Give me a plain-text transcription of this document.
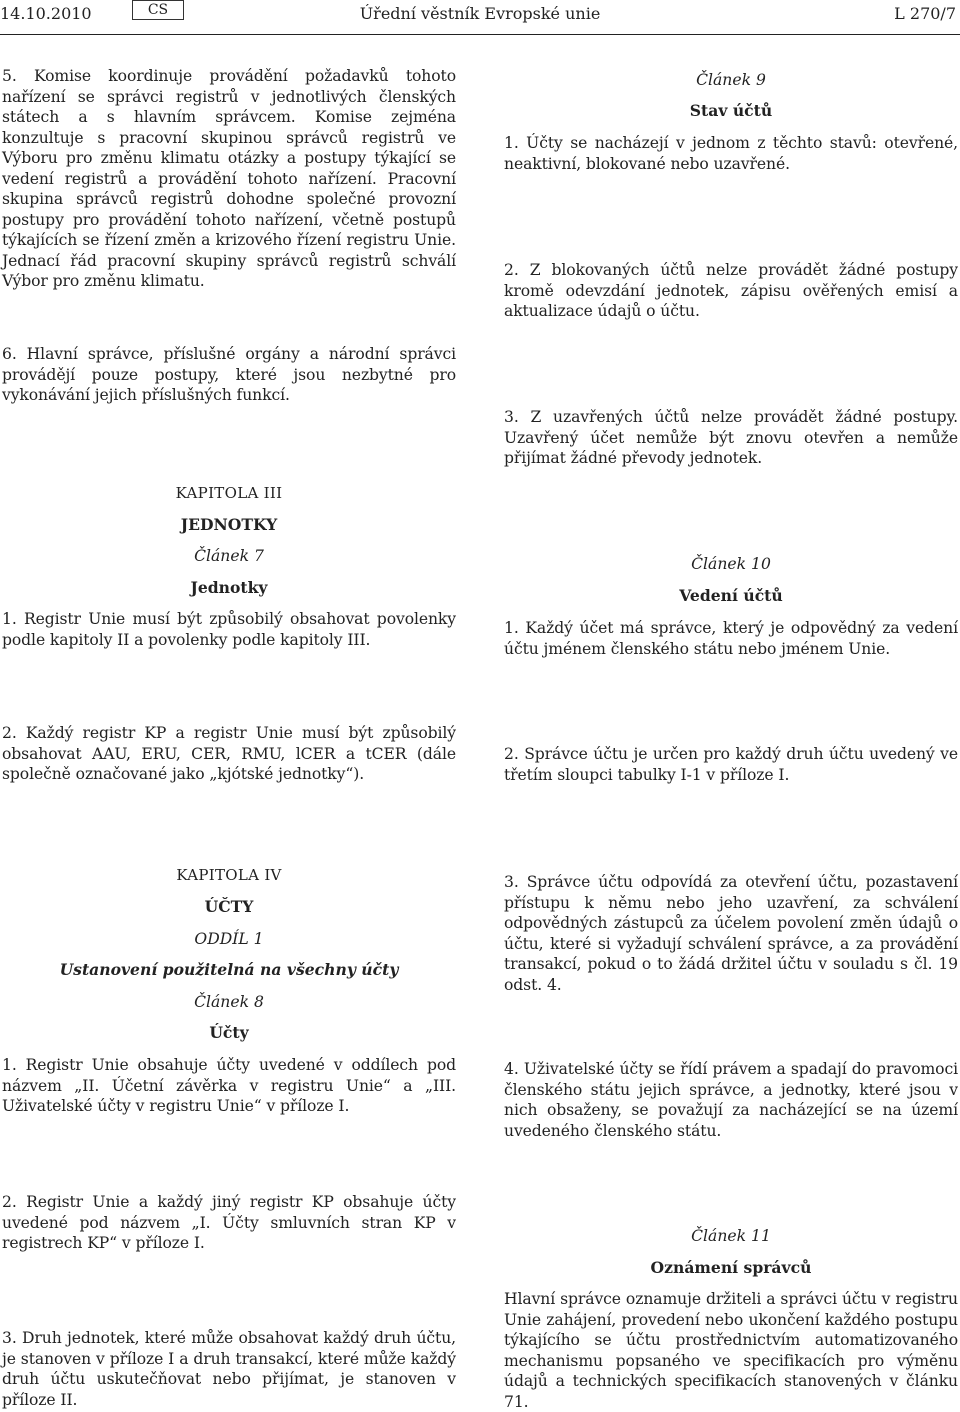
14.10.2010	CS	Úřední věstník Evropské unie	L 270/7

5. Komise koordinuje provádění požadavků tohoto nařízení se správci registrů v jednotlivých členských státech a s hlavním správcem. Komise zejména konzultuje s pracovní skupinou správců registrů ve Výboru pro změnu klimatu otázky a postupy týkající se vedení registrů a provádění tohoto nařízení. Pracovní skupina správců registrů dohodne společné provozní postupy pro provádění tohoto nařízení, včetně postupů týkajících se řízení změn a krizového řízení registru Unie. Jednací řád pracovní skupiny správců registrů schválí Výbor pro změnu klimatu.

6. Hlavní správce, příslušné orgány a národní správci provádějí pouze postupy, které jsou nezbytné pro vykonávání jejich příslušných funkcí.

KAPITOLA III

JEDNOTKY

Článek 7

Jednotky

1. Registr Unie musí být způsobilý obsahovat povolenky podle kapitoly II a povolenky podle kapitoly III.

2. Každý registr KP a registr Unie musí být způsobilý obsahovat AAU, ERU, CER, RMU, lCER a tCER (dále společně označované jako „kjótské jednotky“).

KAPITOLA IV

ÚČTY

ODDÍL 1

Ustanovení použitelná na všechny účty

Článek 8

Účty

1. Registr Unie obsahuje účty uvedené v oddílech pod názvem „II. Účetní závěrka v registru Unie“ a „III. Uživatelské účty v registru Unie“ v příloze I.

2. Registr Unie a každý jiný registr KP obsahuje účty uvedené pod názvem „I. Účty smluvních stran KP v registrech KP“ v příloze I.

3. Druh jednotek, které může obsahovat každý druh účtu, je stanoven v příloze I a druh transakcí, které může každý druh účtu uskutečňovat nebo přijímat, je stanoven v příloze II.

Článek 9

Stav účtů

1. Účty se nacházejí v jednom z těchto stavů: otevřené, neaktivní, blokované nebo uzavřené.

2. Z blokovaných účtů nelze provádět žádné postupy kromě odevzdání jednotek, zápisu ověřených emisí a aktualizace údajů o účtu.

3. Z uzavřených účtů nelze provádět žádné postupy. Uzavřený účet nemůže být znovu otevřen a nemůže přijímat žádné převody jednotek.

Článek 10

Vedení účtů

1. Každý účet má správce, který je odpovědný za vedení účtu jménem členského státu nebo jménem Unie.

2. Správce účtu je určen pro každý druh účtu uvedený ve třetím sloupci tabulky I-1 v příloze I.

3. Správce účtu odpovídá za otevření účtu, pozastavení přístupu k němu nebo jeho uzavření, za schválení odpovědných zástupců za účelem povolení změn údajů o účtu, které si vyžadují schválení správce, a za provádění transakcí, pokud o to žádá držitel účtu v souladu s čl. 19 odst. 4.

4. Uživatelské účty se řídí právem a spadají do pravomoci členského státu jejich správce, a jednotky, které jsou v nich obsaženy, se považují za nacházející se na území uvedeného členského státu.

Článek 11

Oznámení správců

Hlavní správce oznamuje držiteli a správci účtu v registru Unie zahájení, provedení nebo ukončení každého postupu týkajícího se účtu prostřednictvím automatizovaného mechanismu popsaného ve specifikacích pro výměnu údajů a technických specifikacích stanovených v článku 71.
